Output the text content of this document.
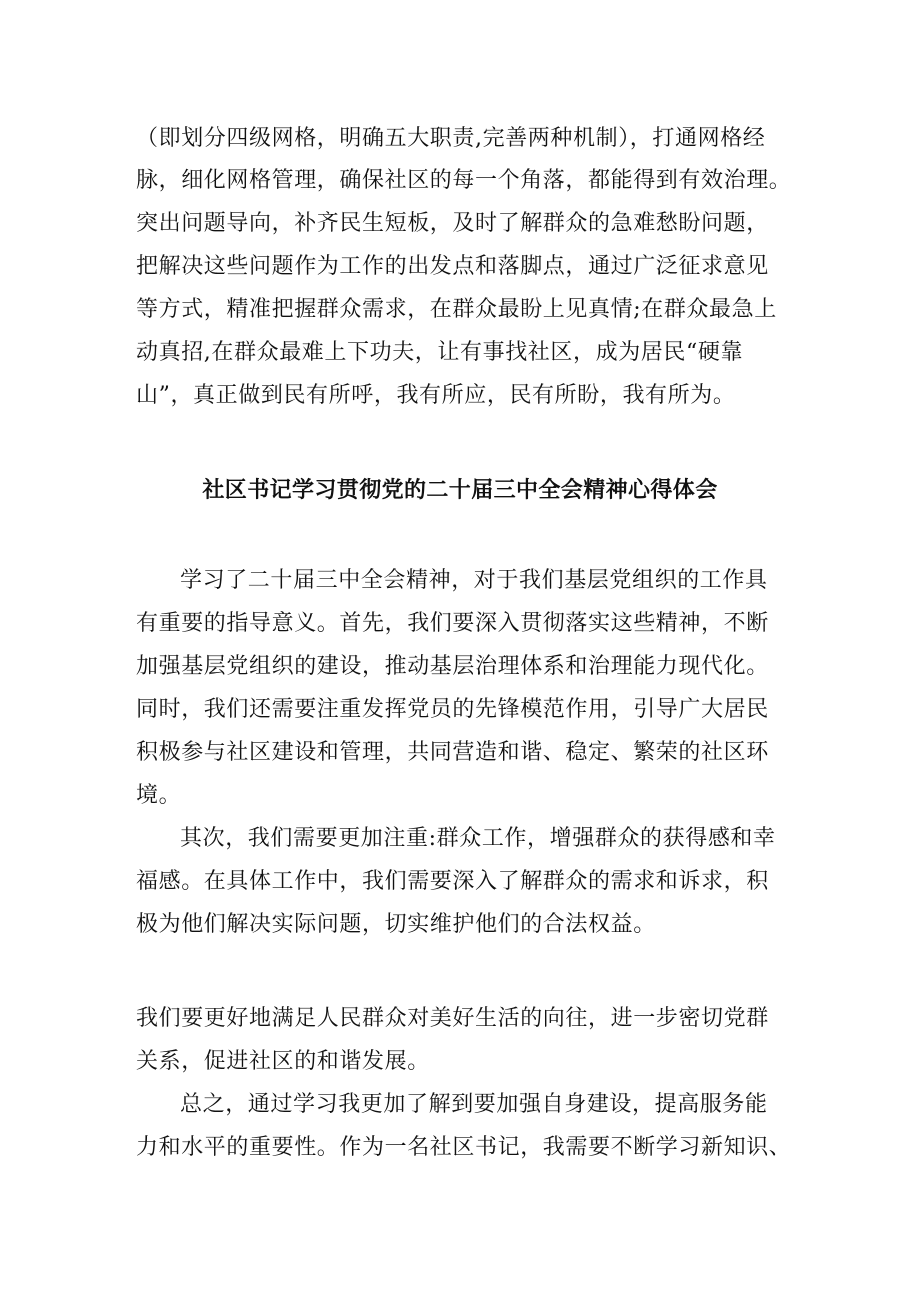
（即划分四级网格，明确五大职责,完善两种机制），打通网格经
脉，细化网格管理，确保社区的每一个角落，都能得到有效治理。
突出问题导向，补齐民生短板，及时了解群众的急难愁盼问题，
把解决这些问题作为工作的出发点和落脚点，通过广泛征求意见
等方式，精准把握群众需求，在群众最盼上见真情;在群众最急上
动真招,在群众最难上下功夫，让有事找社区，成为居民“硬靠
山”，真正做到民有所呼，我有所应，民有所盼，我有所为。
社区书记学习贯彻党的二十届三中全会精神心得体会
学习了二十届三中全会精神，对于我们基层党组织的工作具
有重要的指导意义。首先，我们要深入贯彻落实这些精神，不断
加强基层党组织的建设，推动基层治理体系和治理能力现代化。
同时，我们还需要注重发挥党员的先锋模范作用，引导广大居民
积极参与社区建设和管理，共同营造和谐、稳定、繁荣的社区环
境。
其次，我们需要更加注重:群众工作，增强群众的获得感和幸
福感。在具体工作中，我们需要深入了解群众的需求和诉求，积
极为他们解决实际问题，切实维护他们的合法权益。
我们要更好地满足人民群众对美好生活的向往，进一步密切党群
关系，促进社区的和谐发展。
总之，通过学习我更加了解到要加强自身建设，提高服务能
力和水平的重要性。作为一名社区书记，我需要不断学习新知识、
